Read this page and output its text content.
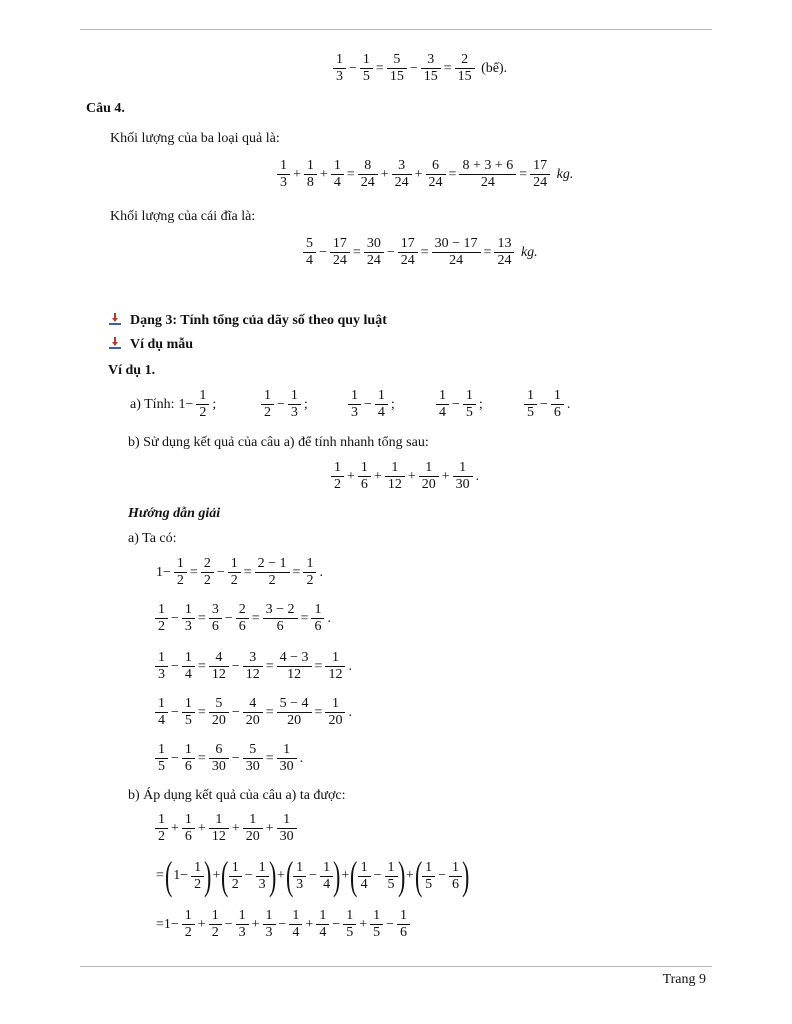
$\frac{1}{3} - \frac{1}{5} = \frac{5}{15} - \frac{3}{15} = \frac{2}{15}$ (bể).
Câu 4.
Khối lượng của ba loại quả là:
$\frac{1}{3} + \frac{1}{8} + \frac{1}{4} = \frac{8}{24} + \frac{3}{24} + \frac{6}{24} = \frac{8 + 3 + 6}{24} = \frac{17}{24}$ kg.
Khối lượng của cái đĩa là:
$\frac{5}{4} - \frac{17}{24} = \frac{30}{24} - \frac{17}{24} = \frac{30 - 17}{24} = \frac{13}{24}$ kg.
Dạng 3: Tính tổng của dãy số theo quy luật
Ví dụ mẫu
Ví dụ 1.
a) Tính: $1- \frac{1}{2}$ ;	$\frac{1}{2} - \frac{1}{3}$ ;	$\frac{1}{3} - \frac{1}{4}$ ;	$\frac{1}{4} - \frac{1}{5}$ ;	$\frac{1}{5} - \frac{1}{6}$ .
b) Sử dụng kết quả của câu a) để tính nhanh tổng sau:
$\frac{1}{2} + \frac{1}{6} + \frac{1}{12} + \frac{1}{20} + \frac{1}{30}$ .
Hướng dẫn giải
a) Ta có:
$1- \frac{1}{2} = \frac{2}{2} - \frac{1}{2} = \frac{2 - 1}{2} = \frac{1}{2}$ .
$\frac{1}{2} - \frac{1}{3} = \frac{3}{6} - \frac{2}{6} = \frac{3 - 2}{6} = \frac{1}{6}$ .
$\frac{1}{3} - \frac{1}{4} = \frac{4}{12} - \frac{3}{12} = \frac{4 - 3}{12} = \frac{1}{12}$ .
$\frac{1}{4} - \frac{1}{5} = \frac{5}{20} - \frac{4}{20} = \frac{5 - 4}{20} = \frac{1}{20}$ .
$\frac{1}{5} - \frac{1}{6} = \frac{6}{30} - \frac{5}{30} = \frac{1}{30}$ .
b) Áp dụng kết quả của câu a) ta được:
$\frac{1}{2} + \frac{1}{6} + \frac{1}{12} + \frac{1}{20} + \frac{1}{30}$
$=(1- \frac{1}{2}$ )+( $\frac{1}{2} - \frac{1}{3}$ )+( $\frac{1}{3} - \frac{1}{4}$ )+( $\frac{1}{4} - \frac{1}{5}$ )+( $\frac{1}{5} - \frac{1}{6}$ )
$=1- \frac{1}{2} + \frac{1}{2} - \frac{1}{3} + \frac{1}{3} - \frac{1}{4} + \frac{1}{4} - \frac{1}{5} + \frac{1}{5} - \frac{1}{6}$
Trang 9
